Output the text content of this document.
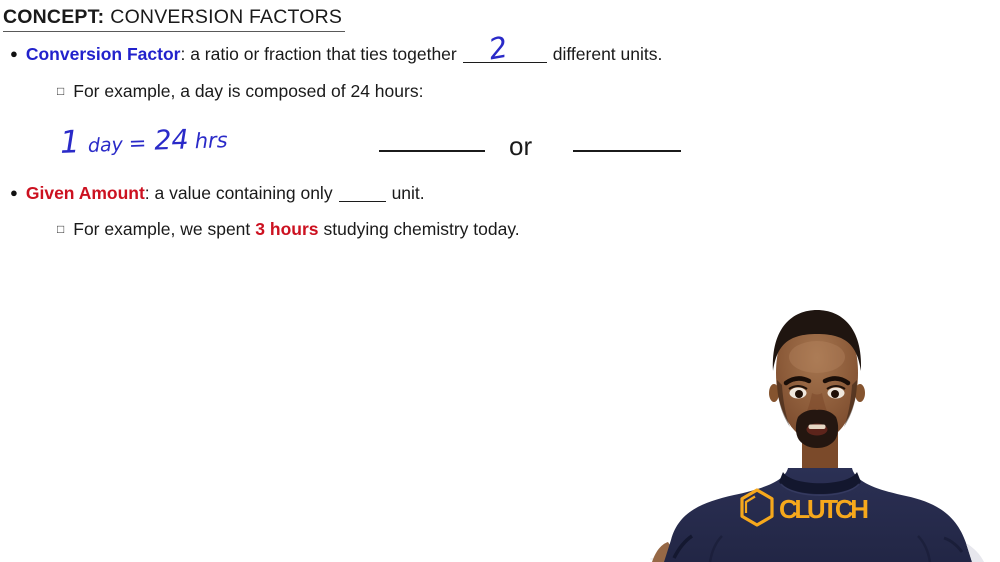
CONCEPT: CONVERSION FACTORS
● Conversion Factor: a ratio or fraction that ties together 2 different units.
□ For example, a day is composed of 24 hours:
1 day = 24 hrs	or
● Given Amount: a value containing only	unit.
□ For example, we spent 3 hours studying chemistry today.
CLUTCH
